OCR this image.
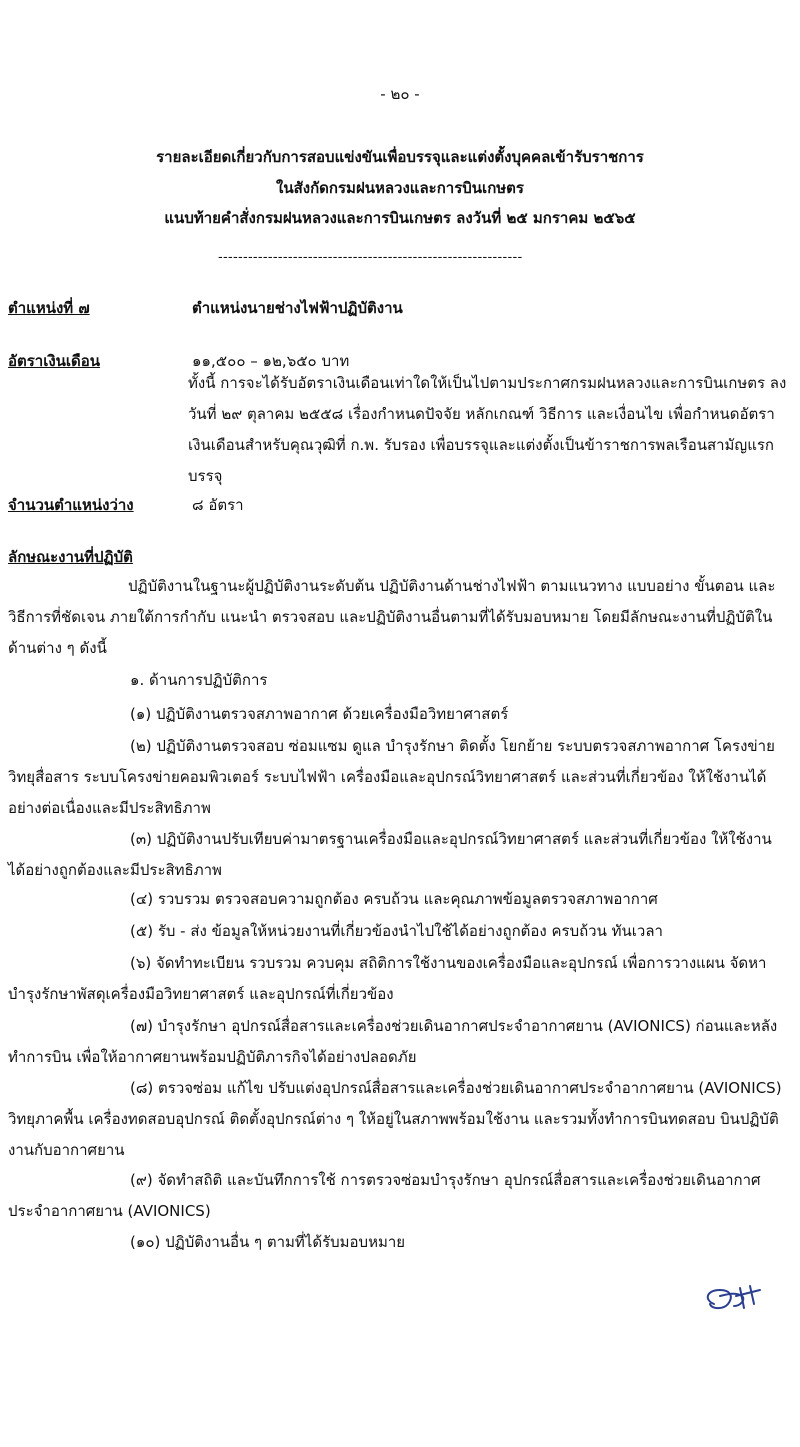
- ๒๐ -
รายละเอียดเกี่ยวกับการสอบแข่งขันเพื่อบรรจุและแต่งตั้งบุคคลเข้ารับราชการ
ในสังกัดกรมฝนหลวงและการบินเกษตร
แนบท้ายคำสั่งกรมฝนหลวงและการบินเกษตร ลงวันที่ ๒๕ มกราคม ๒๕๖๕
-------------------------------------------------------------
ตำแหน่งที่ ๗	ตำแหน่งนายช่างไฟฟ้าปฏิบัติงาน
อัตราเงินเดือน	๑๑,๕๐๐ – ๑๒,๖๕๐ บาท
ทั้งนี้ การจะได้รับอัตราเงินเดือนเท่าใดให้เป็นไปตามประกาศกรมฝนหลวงและการบินเกษตร ลงวันที่ ๒๙ ตุลาคม ๒๕๕๘ เรื่องกำหนดปัจจัย หลักเกณฑ์ วิธีการ และเงื่อนไข เพื่อกำหนดอัตราเงินเดือนสำหรับคุณวุฒิที่ ก.พ. รับรอง เพื่อบรรจุและแต่งตั้งเป็นข้าราชการพลเรือนสามัญแรกบรรจุ
จำนวนตำแหน่งว่าง	๘ อัตรา
ลักษณะงานที่ปฏิบัติ
ปฏิบัติงานในฐานะผู้ปฏิบัติงานระดับต้น ปฏิบัติงานด้านช่างไฟฟ้า ตามแนวทาง แบบอย่าง ขั้นตอน และวิธีการที่ชัดเจน ภายใต้การกำกับ แนะนำ ตรวจสอบ และปฏิบัติงานอื่นตามที่ได้รับมอบหมาย โดยมีลักษณะงานที่ปฏิบัติในด้านต่าง ๆ ดังนี้
๑. ด้านการปฏิบัติการ
(๑) ปฏิบัติงานตรวจสภาพอากาศ ด้วยเครื่องมือวิทยาศาสตร์
(๒) ปฏิบัติงานตรวจสอบ ซ่อมแซม ดูแล บำรุงรักษา ติดตั้ง โยกย้าย ระบบตรวจสภาพอากาศ โครงข่ายวิทยุสื่อสาร ระบบโครงข่ายคอมพิวเตอร์ ระบบไฟฟ้า เครื่องมือและอุปกรณ์วิทยาศาสตร์ และส่วนที่เกี่ยวข้อง ให้ใช้งานได้อย่างต่อเนื่องและมีประสิทธิภาพ
(๓) ปฏิบัติงานปรับเทียบค่ามาตรฐานเครื่องมือและอุปกรณ์วิทยาศาสตร์ และส่วนที่เกี่ยวข้อง ให้ใช้งานได้อย่างถูกต้องและมีประสิทธิภาพ
(๔) รวบรวม ตรวจสอบความถูกต้อง ครบถ้วน และคุณภาพข้อมูลตรวจสภาพอากาศ
(๕) รับ - ส่ง ข้อมูลให้หน่วยงานที่เกี่ยวข้องนำไปใช้ได้อย่างถูกต้อง ครบถ้วน ทันเวลา
(๖) จัดทำทะเบียน รวบรวม ควบคุม สถิติการใช้งานของเครื่องมือและอุปกรณ์ เพื่อการวางแผน จัดหา บำรุงรักษาพัสดุเครื่องมือวิทยาศาสตร์ และอุปกรณ์ที่เกี่ยวข้อง
(๗) บำรุงรักษา อุปกรณ์สื่อสารและเครื่องช่วยเดินอากาศประจำอากาศยาน (AVIONICS) ก่อนและหลังทำการบิน เพื่อให้อากาศยานพร้อมปฏิบัติภารกิจได้อย่างปลอดภัย
(๘) ตรวจซ่อม แก้ไข ปรับแต่งอุปกรณ์สื่อสารและเครื่องช่วยเดินอากาศประจำอากาศยาน (AVIONICS) วิทยุภาคพื้น เครื่องทดสอบอุปกรณ์ ติดตั้งอุปกรณ์ต่าง ๆ ให้อยู่ในสภาพพร้อมใช้งาน และรวมทั้งทำการบินทดสอบ บินปฏิบัติงานกับอากาศยาน
(๙) จัดทำสถิติ และบันทึกการใช้ การตรวจซ่อมบำรุงรักษา อุปกรณ์สื่อสารและเครื่องช่วยเดินอากาศประจำอากาศยาน (AVIONICS)
(๑๐) ปฏิบัติงานอื่น ๆ ตามที่ได้รับมอบหมาย
